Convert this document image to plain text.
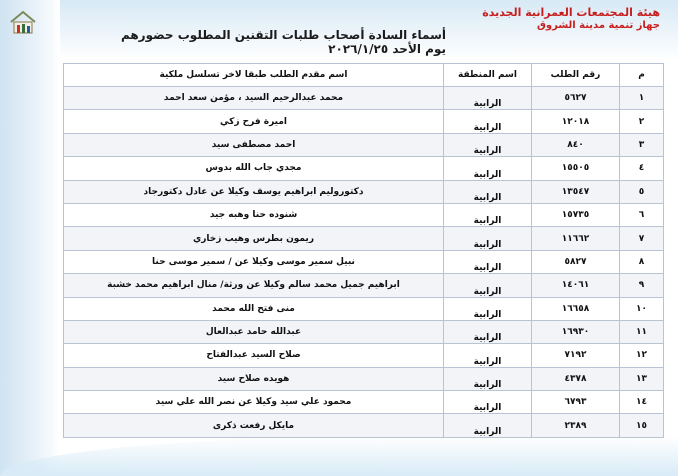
هيئة المجتمعات العمرانية الجديدة
جهاز تنمية مدينة الشروق
أسماء السادة أصحاب طلبات التقنين المطلوب حضورهم
يوم الأحد ٢٠٢٦/١/٢٥
م	رقم الطلب	اسم المنطقة	اسم مقدم الطلب طبقا لاخر تسلسل ملكية
١	٥٦٢٧	الرابية	محمد عبدالرحيم السيد ، مؤمن سعد احمد
٢	١٢٠١٨	الرابية	اميرة فرح زكي
٣	٨٤٠	الرابية	احمد مصطفى سيد
٤	١٥٥٠٥	الرابية	مجدي جاب الله بدوس
٥	١٣٥٤٧	الرابية	دكتوروليم ابراهيم يوسف وكيلا عن عادل دكتورجاد
٦	١٥٧٣٥	الرابية	شنوده حنا وهبه جيد
٧	١١٦٦٢	الرابية	ريمون بطرس وهيب زخاري
٨	٥٨٢٧	الرابية	نبيل سمير موسى وكيلا عن / سمير موسى حنا
٩	١٤٠٦١	الرابية	ابراهيم جميل محمد سالم وكيلا عن ورثة/ منال ابراهيم محمد خشبة
١٠	١٦٦٥٨	الرابية	منى فتح الله محمد
١١	١٦٩٣٠	الرابية	عبدالله حامد عبدالعال
١٢	٧١٩٢	الرابية	صلاح السيد عبدالفتاح
١٣	٤٣٧٨	الرابية	هويده صلاح سيد
١٤	٦٧٩٣	الرابية	محمود علي سيد وكيلا عن نصر الله علي سيد
١٥	٢٣٨٩	الرابية	مايكل رفعت ذكرى
